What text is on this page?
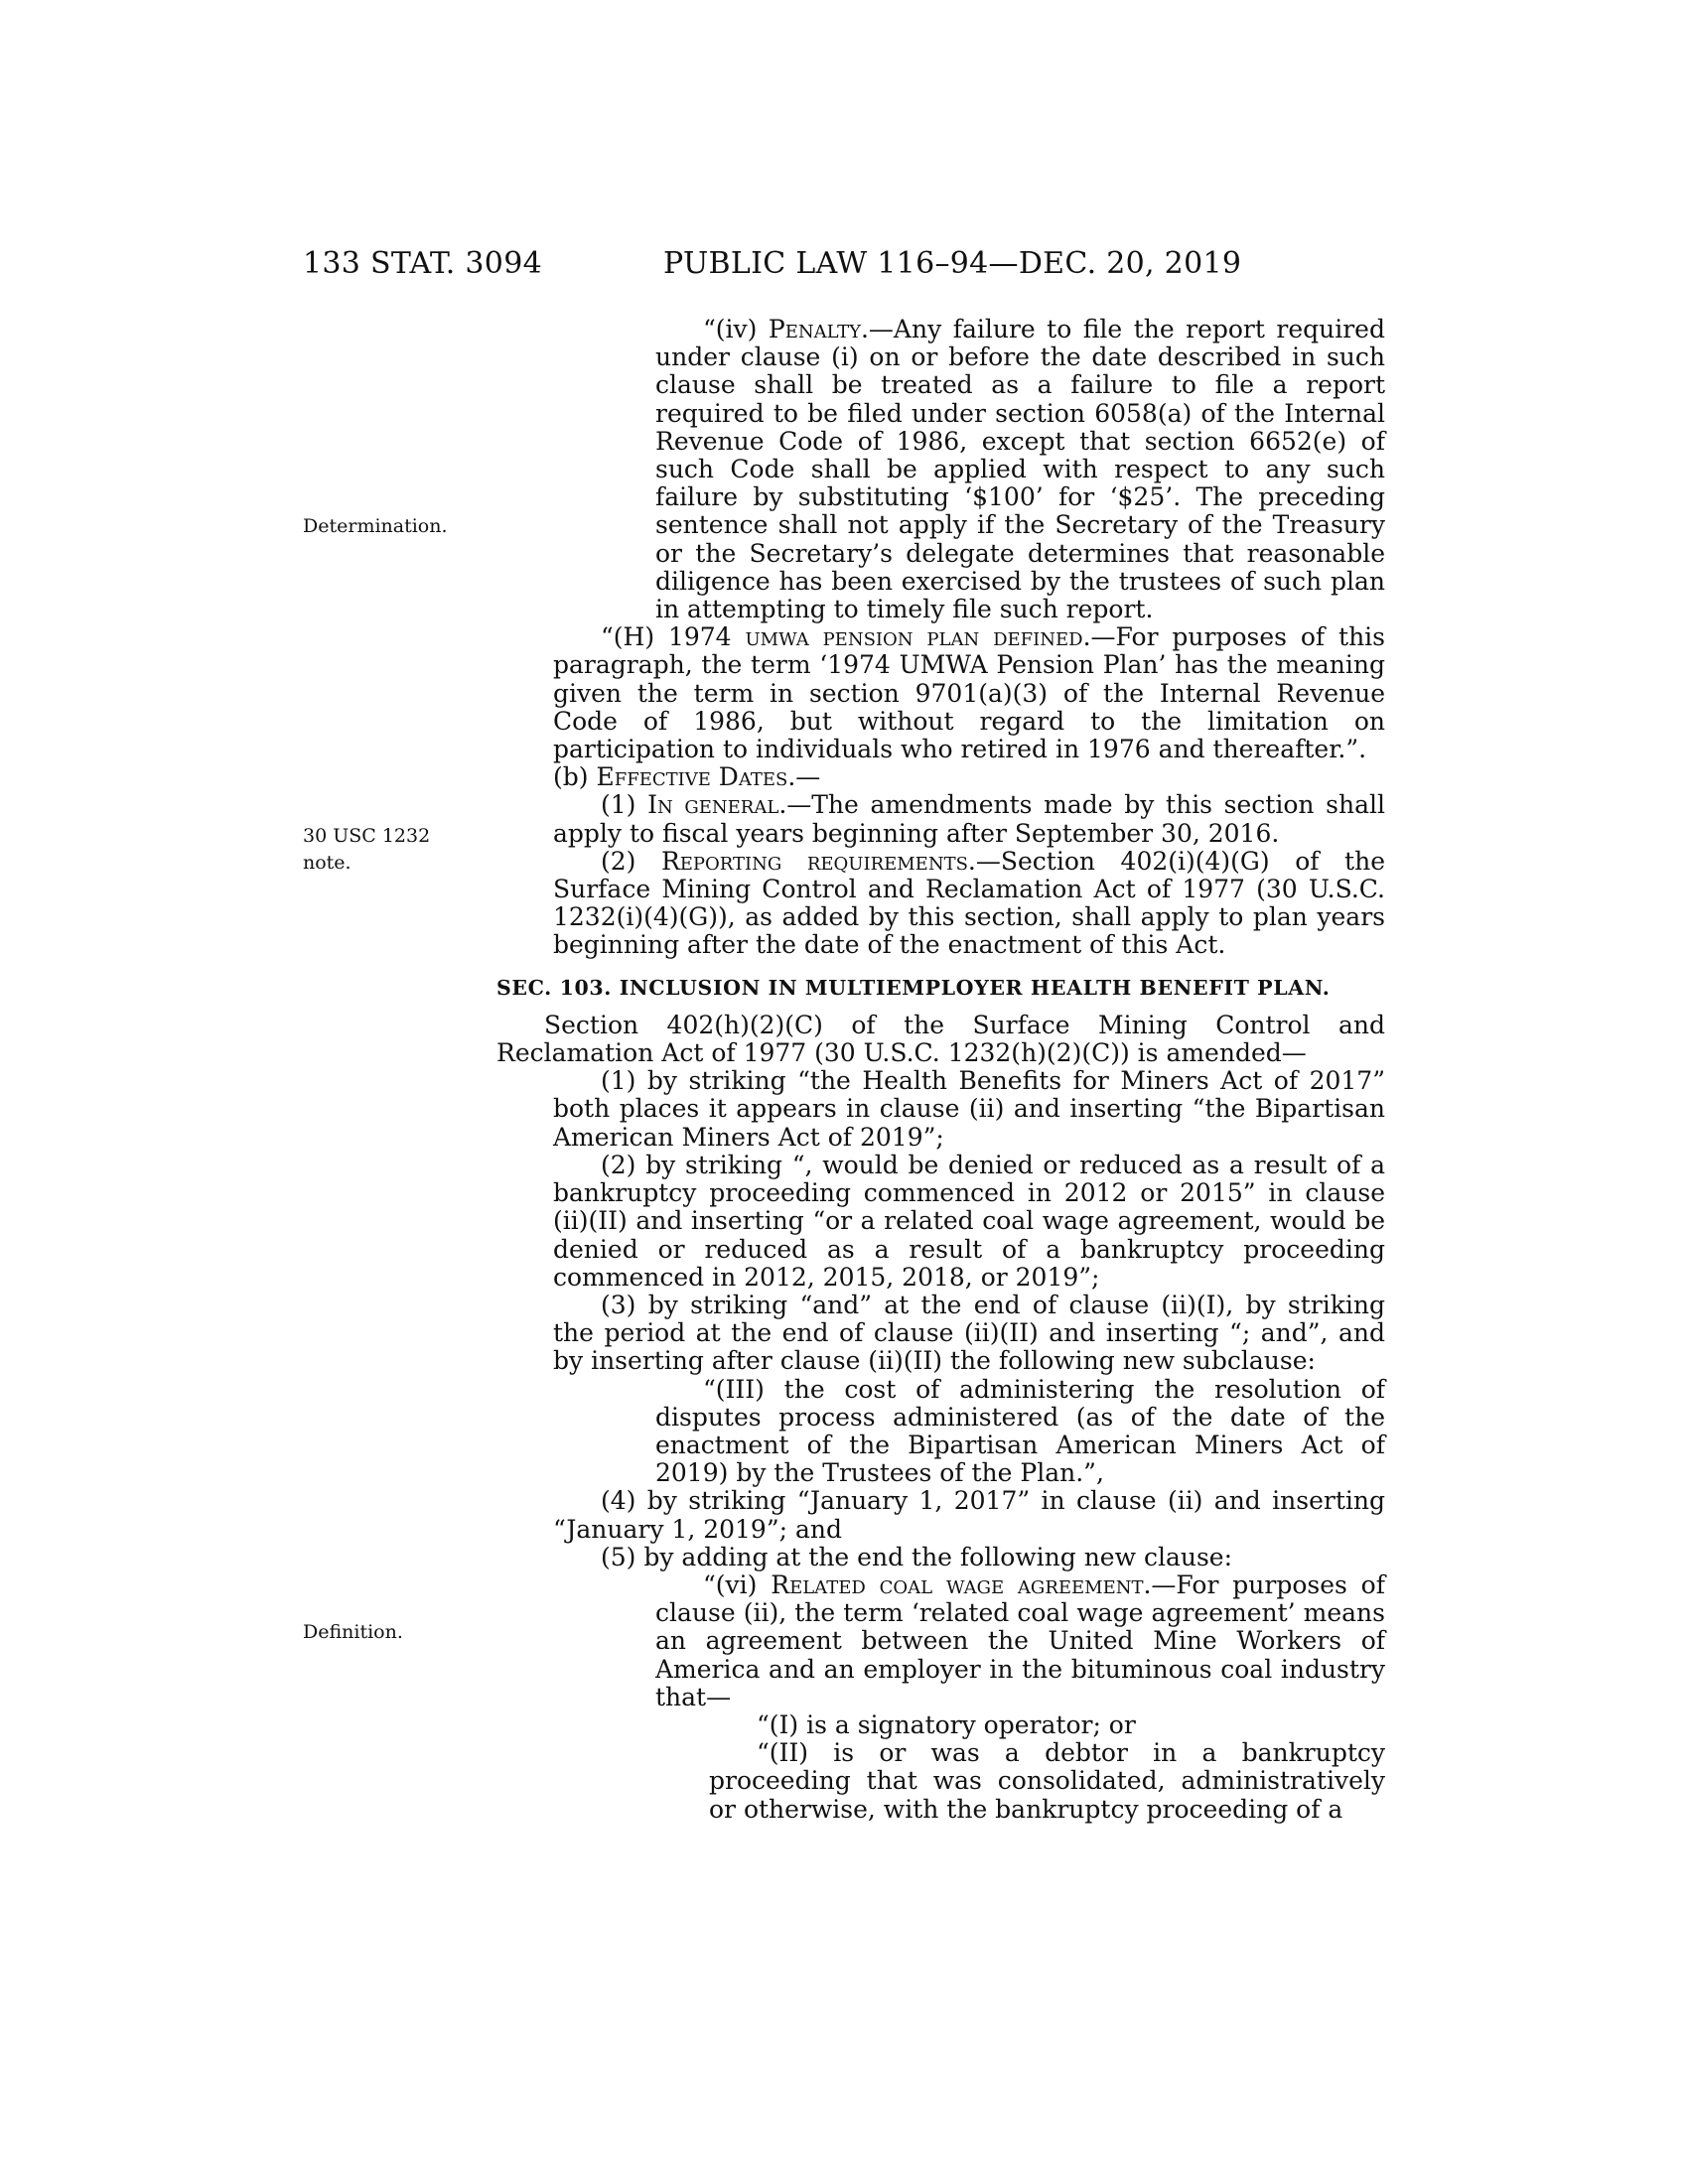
133 STAT. 3094	PUBLIC LAW 116–94—DEC. 20, 2019
Determination.
30 USC 1232
note.
Definition.

“(iv) Penalty.—Any failure to file the report required under clause (i) on or before the date described in such clause shall be treated as a failure to file a report required to be filed under section 6058(a) of the Internal Revenue Code of 1986, except that section 6652(e) of such Code shall be applied with respect to any such failure by substituting ‘$100’ for ‘$25’. The preceding sentence shall not apply if the Secretary of the Treasury or the Secretary’s delegate determines that reasonable diligence has been exercised by the trustees of such plan in attempting to timely file such report.

“(H) 1974 umwa pension plan defined.—For purposes of this paragraph, the term ‘1974 UMWA Pension Plan’ has the meaning given the term in section 9701(a)(3) of the Internal Revenue Code of 1986, but without regard to the limitation on participation to individuals who retired in 1976 and thereafter.”.

(b) Effective Dates.—

(1) In general.—The amendments made by this section shall apply to fiscal years beginning after September 30, 2016.

(2) Reporting requirements.—Section 402(i)(4)(G) of the Surface Mining Control and Reclamation Act of 1977 (30 U.S.C. 1232(i)(4)(G)), as added by this section, shall apply to plan years beginning after the date of the enactment of this Act.

SEC. 103. INCLUSION IN MULTIEMPLOYER HEALTH BENEFIT PLAN.

Section 402(h)(2)(C) of the Surface Mining Control and Reclamation Act of 1977 (30 U.S.C. 1232(h)(2)(C)) is amended—

(1) by striking “the Health Benefits for Miners Act of 2017” both places it appears in clause (ii) and inserting “the Bipartisan American Miners Act of 2019”;

(2) by striking “, would be denied or reduced as a result of a bankruptcy proceeding commenced in 2012 or 2015” in clause (ii)(II) and inserting “or a related coal wage agreement, would be denied or reduced as a result of a bankruptcy proceeding commenced in 2012, 2015, 2018, or 2019”;

(3) by striking “and” at the end of clause (ii)(I), by striking the period at the end of clause (ii)(II) and inserting “; and”, and by inserting after clause (ii)(II) the following new subclause:

“(III) the cost of administering the resolution of disputes process administered (as of the date of the enactment of the Bipartisan American Miners Act of 2019) by the Trustees of the Plan.”,

(4) by striking “January 1, 2017” in clause (ii) and inserting “January 1, 2019”; and

(5) by adding at the end the following new clause:

“(vi) Related coal wage agreement.—For purposes of clause (ii), the term ‘related coal wage agreement’ means an agreement between the United Mine Workers of America and an employer in the bituminous coal industry that—

“(I) is a signatory operator; or

“(II) is or was a debtor in a bankruptcy proceeding that was consolidated, administratively or otherwise, with the bankruptcy proceeding of a
